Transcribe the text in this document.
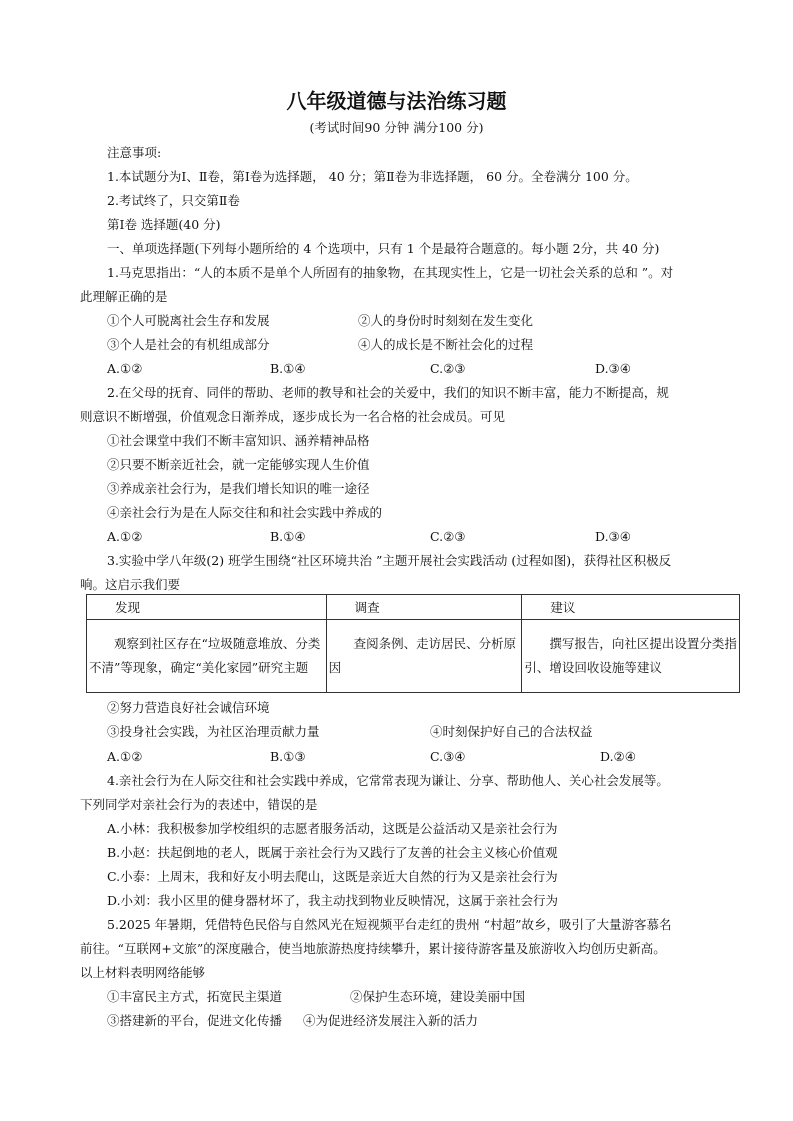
八年级道德与法治练习题
(考试时间90 分钟 满分100 分)
注意事项:
1.本试题分为Ⅰ、Ⅱ卷，第Ⅰ卷为选择题， 40 分；第Ⅱ卷为非选择题， 60 分。全卷满分 100 分。
2.考试终了，只交第Ⅱ卷
第Ⅰ卷 选择题(40 分)
一、单项选择题(下列每小题所给的 4 个选项中，只有 1 个是最符合题意的。每小题 2分，共 40 分)
1.马克思指出：“人的本质不是单个人所固有的抽象物，在其现实性上，它是一切社会关系的总和 ”。对
此理解正确的是
①个人可脱离社会生存和发展	②人的身份时时刻刻在发生变化
③个人是社会的有机组成部分	④人的成长是不断社会化的过程
A.①②	B.①④	C.②③	D.③④
2.在父母的抚育、同伴的帮助、老师的教导和社会的关爱中，我们的知识不断丰富，能力不断提高，规
则意识不断增强，价值观念日渐养成，逐步成长为一名合格的社会成员。可见
①社会课堂中我们不断丰富知识、涵养精神品格
②只要不断亲近社会，就一定能够实现人生价值
③养成亲社会行为，是我们增长知识的唯一途径
④亲社会行为是在人际交往和和社会实践中养成的
A.①②	B.①④	C.②③	D.③④
3.实验中学八年级(2) 班学生围绕“社区环境共治 ”主题开展社会实践活动 (过程如图)，获得社区积极反
响。这启示我们要
发现	调查	建议
观察到社区存在“垃圾随意堆放、分类不清”等现象，确定“美化家园”研究主题	查阅条例、走访居民、分析原因	撰写报告，向社区提出设置分类指引、增设回收设施等建议
②努力营造良好社会诚信环境
③投身社会实践，为社区治理贡献力量	④时刻保护好自己的合法权益
A.①②	B.①③	C.③④	D.②④
4.亲社会行为在人际交往和社会实践中养成，它常常表现为谦让、分享、帮助他人、关心社会发展等。
下列同学对亲社会行为的表述中，错误的是
A.小林：我积极参加学校组织的志愿者服务活动，这既是公益活动又是亲社会行为
B.小赵：扶起倒地的老人，既属于亲社会行为又践行了友善的社会主义核心价值观
C.小泰：上周末，我和好友小明去爬山，这既是亲近大自然的行为又是亲社会行为
D.小刘：我小区里的健身器材坏了，我主动找到物业反映情况，这属于亲社会行为
5.2025 年暑期，凭借特色民俗与自然风光在短视频平台走红的贵州 “村超”故乡，吸引了大量游客慕名
前往。“互联网+文旅”的深度融合，使当地旅游热度持续攀升，累计接待游客量及旅游收入均创历史新高。
以上材料表明网络能够
①丰富民主方式，拓宽民主渠道	②保护生态环境，建设美丽中国
③搭建新的平台，促进文化传播 ④为促进经济发展注入新的活力
